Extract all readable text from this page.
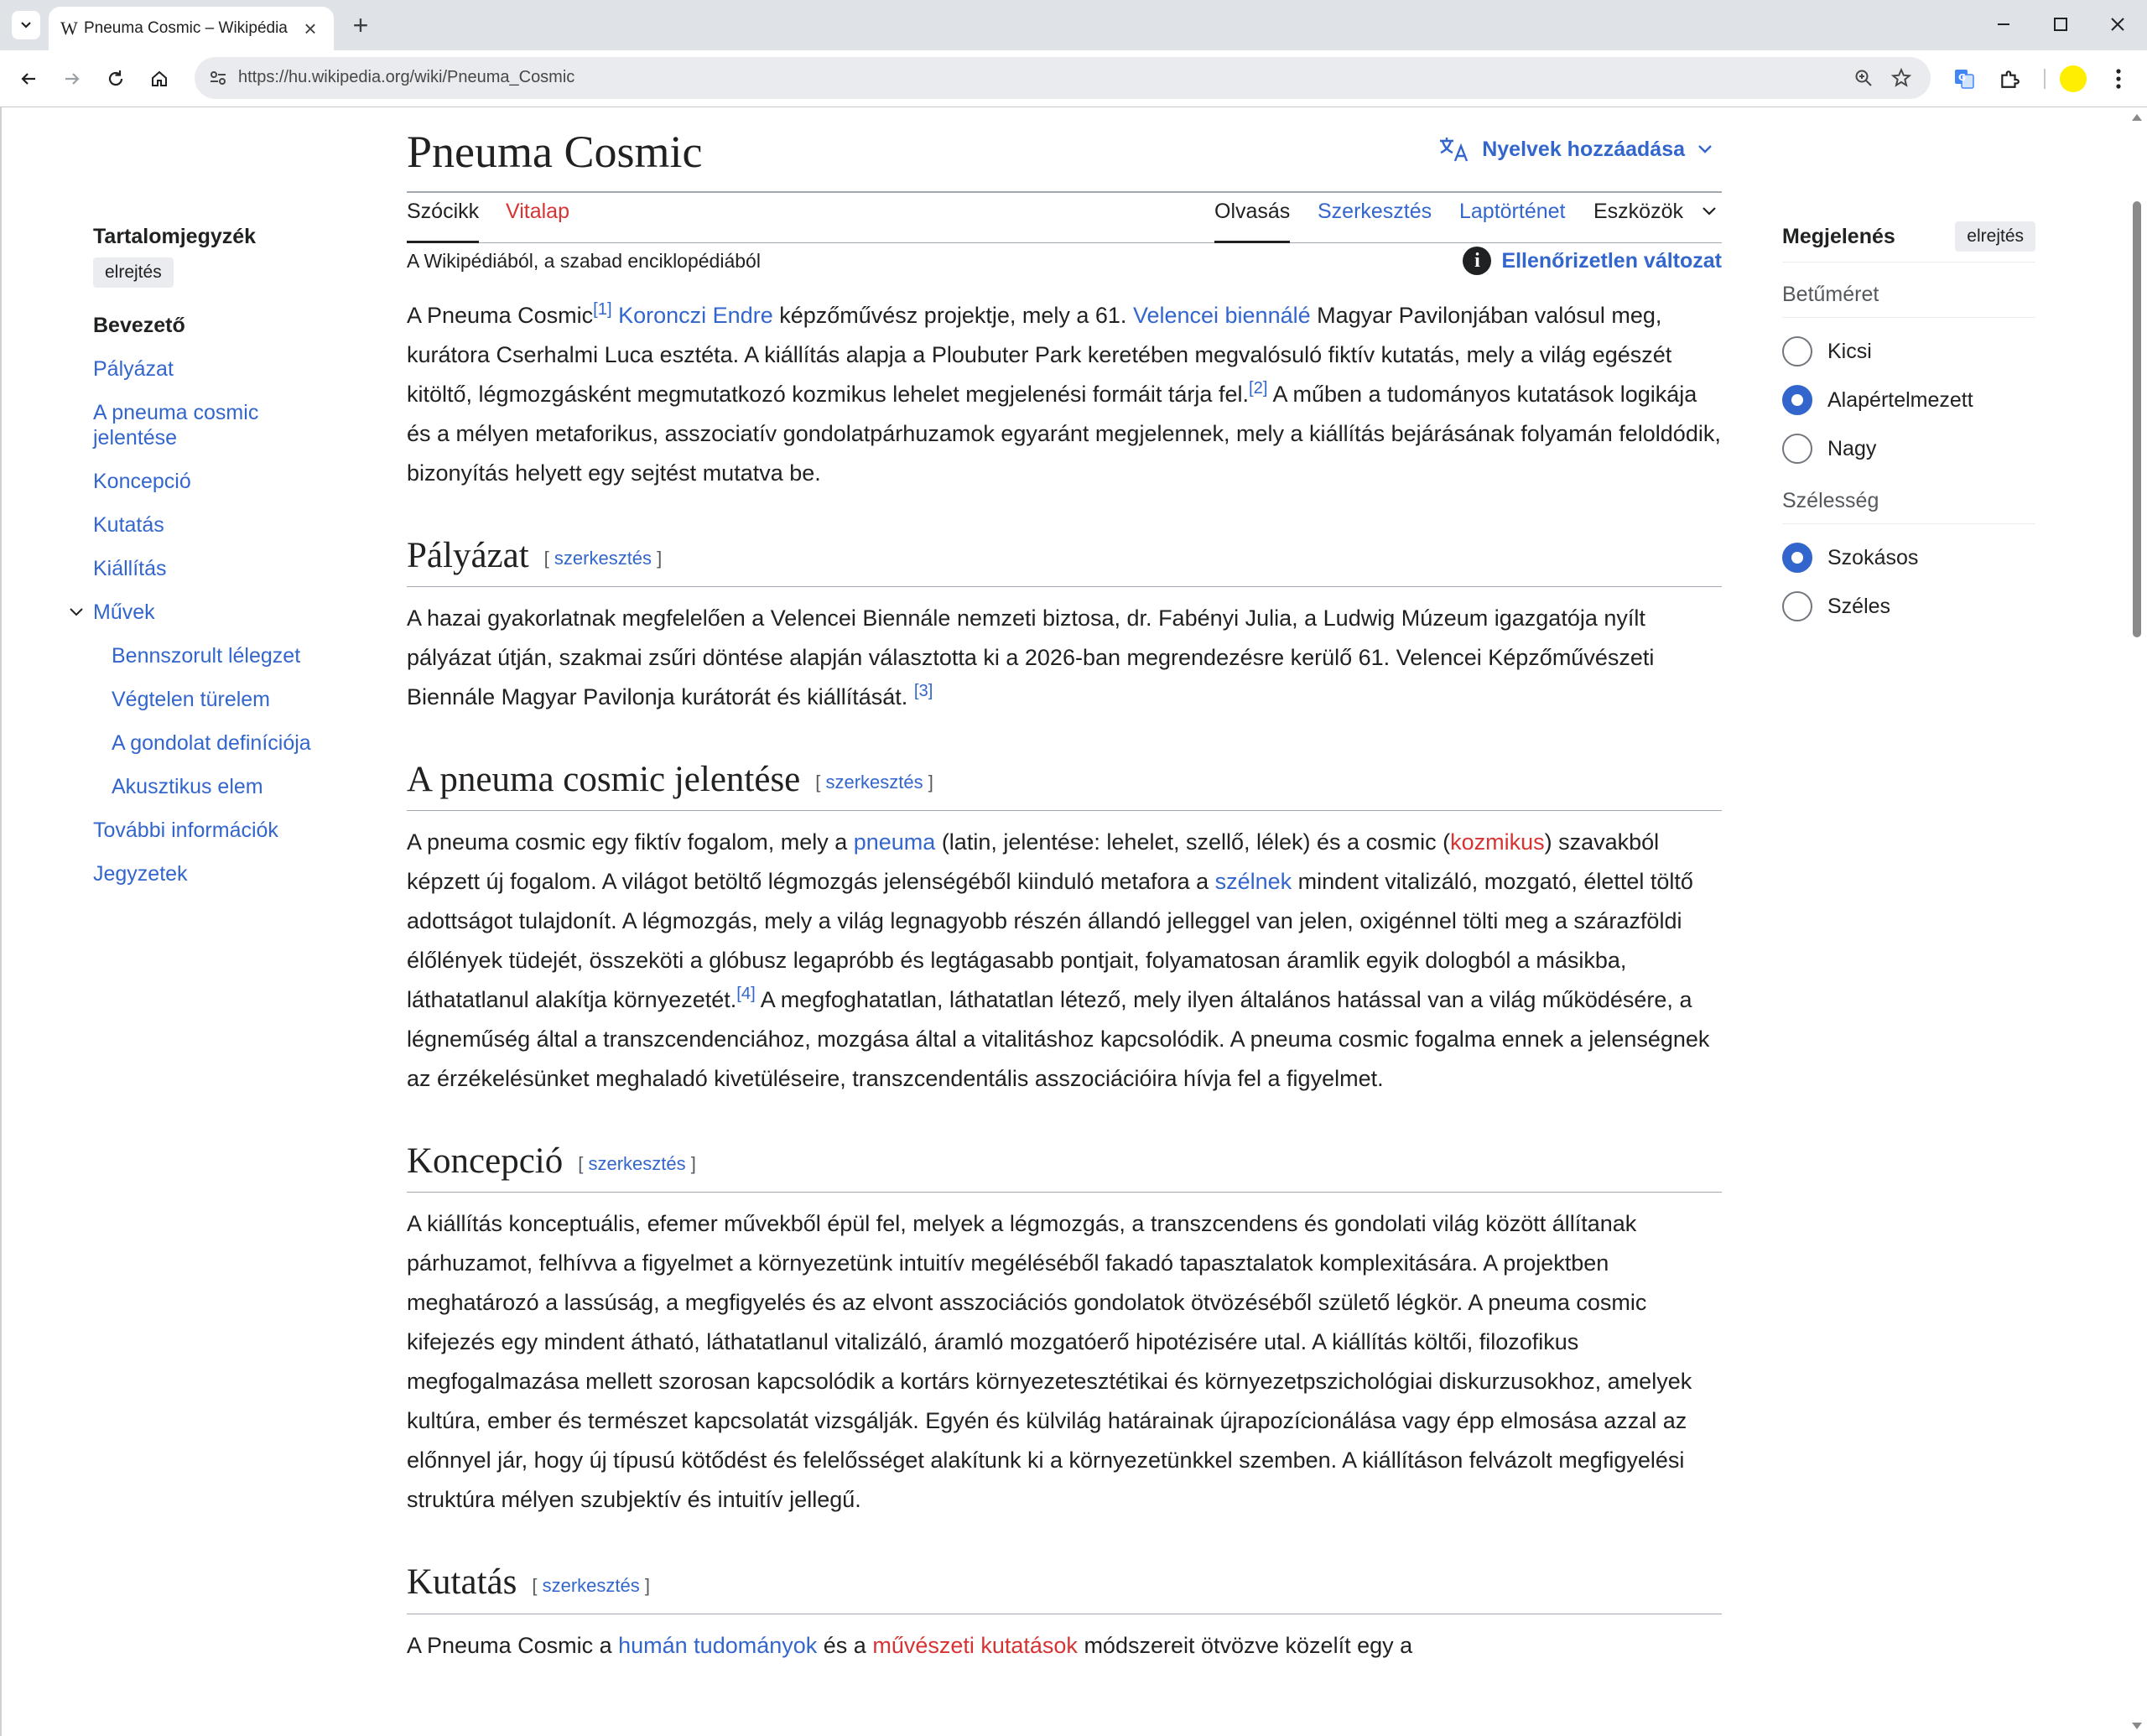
W Pneuma Cosmic – Wikipédia ×	+
https://hu.wikipedia.org/wiki/Pneuma_Cosmic	G
Tartalomjegyzék
elrejtés
Bevezető
Pályázat
A pneuma cosmic jelentése
Koncepció
Kutatás
Kiállítás
Művek
Bennszorult lélegzet
Végtelen türelem
A gondolat definíciója
Akusztikus elem
További információk
Jegyzetek
Pneuma Cosmic	Nyelvek hozzáadása
Szócikk Vitalap	Olvasás Szerkesztés Laptörténet Eszközök
A Wikipédiából, a szabad enciklopédiából	i	Ellenőrizetlen változat

A Pneuma Cosmic[1] Koronczi Endre képzőművész projektje, mely a 61. Velencei biennálé Magyar Pavilonjában valósul meg, kurátora Cserhalmi Luca esztéta. A kiállítás alapja a Ploubuter Park keretében megvalósuló fiktív kutatás, mely a világ egészét kitöltő, légmozgásként megmutatkozó kozmikus lehelet megjelenési formáit tárja fel.[2] A műben a tudományos kutatások logikája és a mélyen metaforikus, asszociatív gondolatpárhuzamok egyaránt megjelennek, mely a kiállítás bejárásának folyamán feloldódik, bizonyítás helyett egy sejtést mutatva be.

Pályázat [ szerkesztés ]

A hazai gyakorlatnak megfelelően a Velencei Biennále nemzeti biztosa, dr. Fabényi Julia, a Ludwig Múzeum igazgatója nyílt pályázat útján, szakmai zsűri döntése alapján választotta ki a 2026-ban megrendezésre kerülő 61. Velencei Képzőművészeti Biennále Magyar Pavilonja kurátorát és kiállítását. [3]

A pneuma cosmic jelentése [ szerkesztés ]

A pneuma cosmic egy fiktív fogalom, mely a pneuma (latin, jelentése: lehelet, szellő, lélek) és a cosmic (kozmikus) szavakból képzett új fogalom. A világot betöltő légmozgás jelenségéből kiinduló metafora a szélnek mindent vitalizáló, mozgató, élettel töltő adottságot tulajdonít. A légmozgás, mely a világ legnagyobb részén állandó jelleggel van jelen, oxigénnel tölti meg a szárazföldi élőlények tüdejét, összeköti a glóbusz legapróbb és legtágasabb pontjait, folyamatosan áramlik egyik dologból a másikba, láthatatlanul alakítja környezetét.[4] A megfoghatatlan, láthatatlan létező, mely ilyen általános hatással van a világ működésére, a légneműség által a transzcendenciához, mozgása által a vitalitáshoz kapcsolódik. A pneuma cosmic fogalma ennek a jelenségnek az érzékelésünket meghaladó kivetüléseire, transzcendentális asszociációira hívja fel a figyelmet.

Koncepció [ szerkesztés ]

A kiállítás konceptuális, efemer művekből épül fel, melyek a légmozgás, a transzcendens és gondolati világ között állítanak párhuzamot, felhívva a figyelmet a környezetünk intuitív megéléséből fakadó tapasztalatok komplexitására. A projektben meghatározó a lassúság, a megfigyelés és az elvont asszociációs gondolatok ötvözéséből születő légkör. A pneuma cosmic kifejezés egy mindent átható, láthatatlanul vitalizáló, áramló mozgatóerő hipotézisére utal. A kiállítás költői, filozofikus megfogalmazása mellett szorosan kapcsolódik a kortárs környezetesztétikai és környezetpszichológiai diskurzusokhoz, amelyek kultúra, ember és természet kapcsolatát vizsgálják. Egyén és külvilág határainak újrapozícionálása vagy épp elmosása azzal az előnnyel jár, hogy új típusú kötődést és felelősséget alakítunk ki a környezetünkkel szemben. A kiállításon felvázolt megfigyelési struktúra mélyen szubjektív és intuitív jellegű.

Kutatás [ szerkesztés ]

A Pneuma Cosmic a humán tudományok és a művészeti kutatások módszereit ötvözve közelít egy a

Megjelenés	elrejtés
Betűméret
Kicsi
Alapértelmezett
Nagy
Szélesség
Szokásos
Széles
